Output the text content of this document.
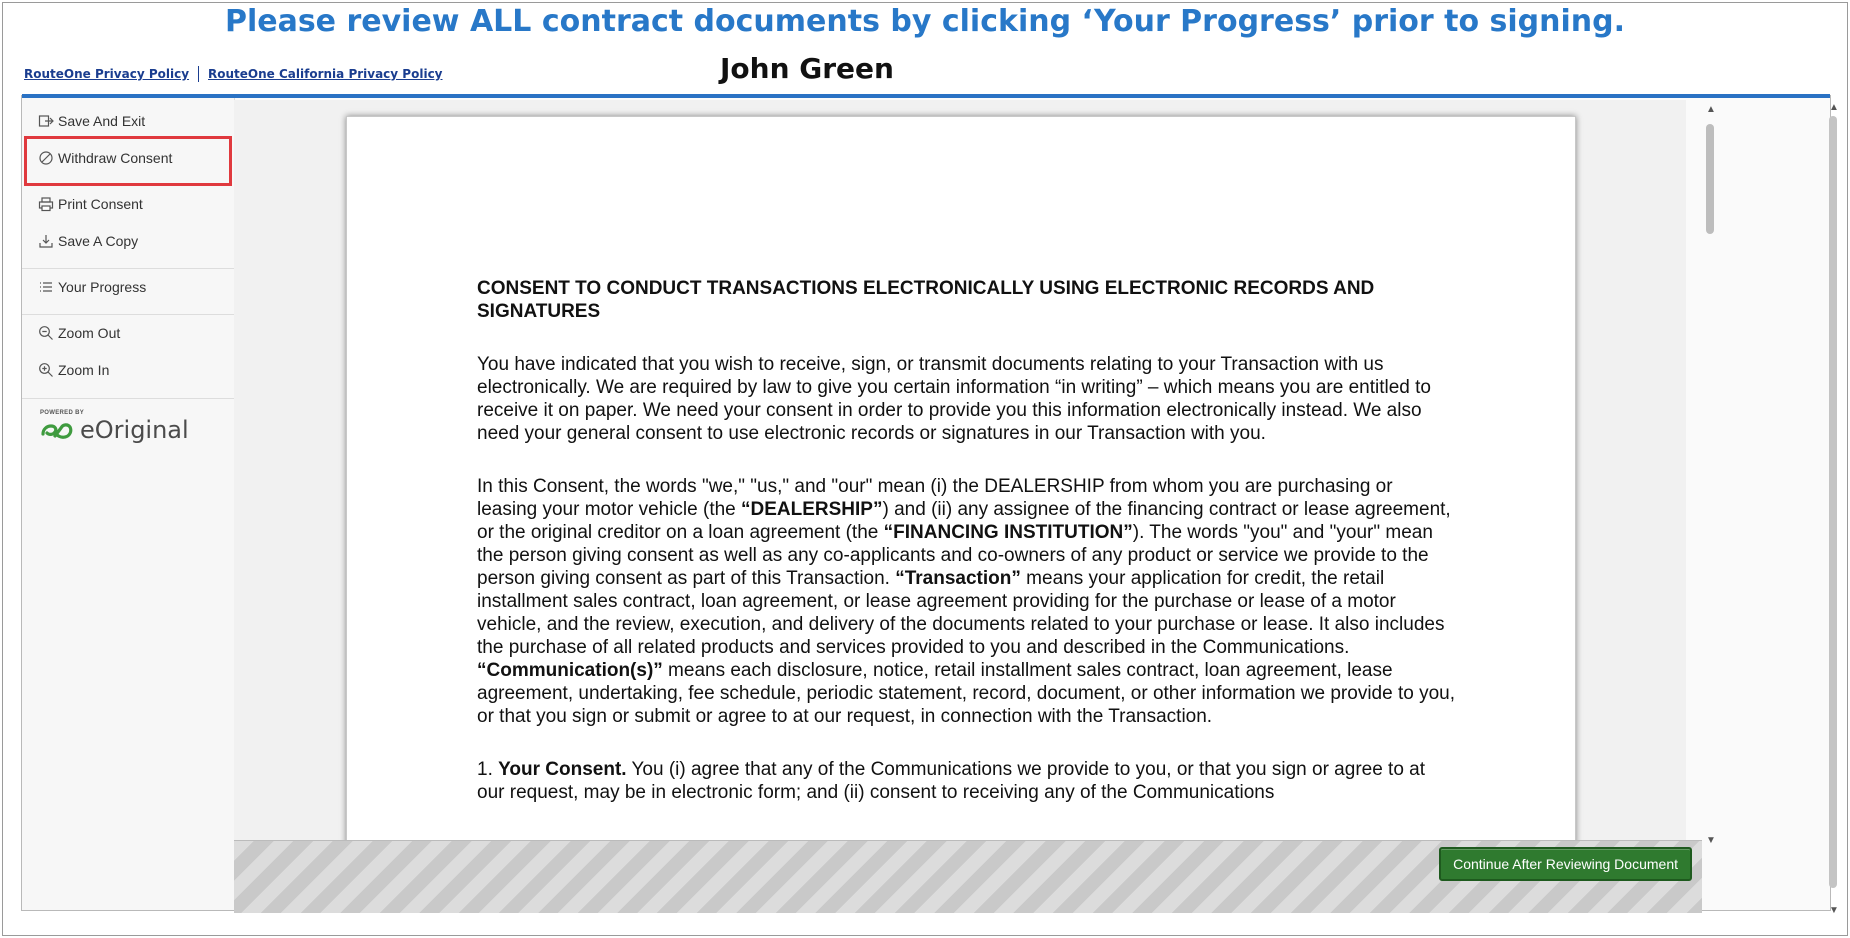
Please review ALL contract documents by clicking ‘Your Progress’ prior to signing.
RouteOne Privacy Policy RouteOne California Privacy Policy	John Green
Save And Exit
Withdraw Consent
Print Consent
Save A Copy
Your Progress
Zoom Out
Zoom In
POWERED BY
eOriginal
CONSENT TO CONDUCT TRANSACTIONS ELECTRONICALLY USING ELECTRONIC RECORDS AND SIGNATURES

You have indicated that you wish to receive, sign, or transmit documents relating to your Transaction with us electronically. We are required by law to give you certain information “in writing” – which means you are entitled to receive it on paper. We need your consent in order to provide you this information electronically instead. We also need your general consent to use electronic records or signatures in our Transaction with you.

In this Consent, the words "we," "us," and "our" mean (i) the DEALERSHIP from whom you are purchasing or leasing your motor vehicle (the “DEALERSHIP”) and (ii) any assignee of the financing contract or lease agreement, or the original creditor on a loan agreement (the “FINANCING INSTITUTION”). The words "you" and "your" mean the person giving consent as well as any co-applicants and co-owners of any product or service we provide to the person giving consent as part of this Transaction. “Transaction” means your application for credit, the retail installment sales contract, loan agreement, or lease agreement providing for the purchase or lease of a motor vehicle, and the review, execution, and delivery of the documents related to your purchase or lease. It also includes the purchase of all related products and services provided to you and described in the Communications. “Communication(s)” means each disclosure, notice, retail installment sales contract, loan agreement, lease agreement, undertaking, fee schedule, periodic statement, record, document, or other information we provide to you, or that you sign or submit or agree to at our request, in connection with the Transaction.

1. Your Consent. You (i) agree that any of the Communications we provide to you, or that you sign or agree to at our request, may be in electronic form; and (ii) consent to receiving any of the Communications

▲
▼
▲
▼
Continue After Reviewing Document
